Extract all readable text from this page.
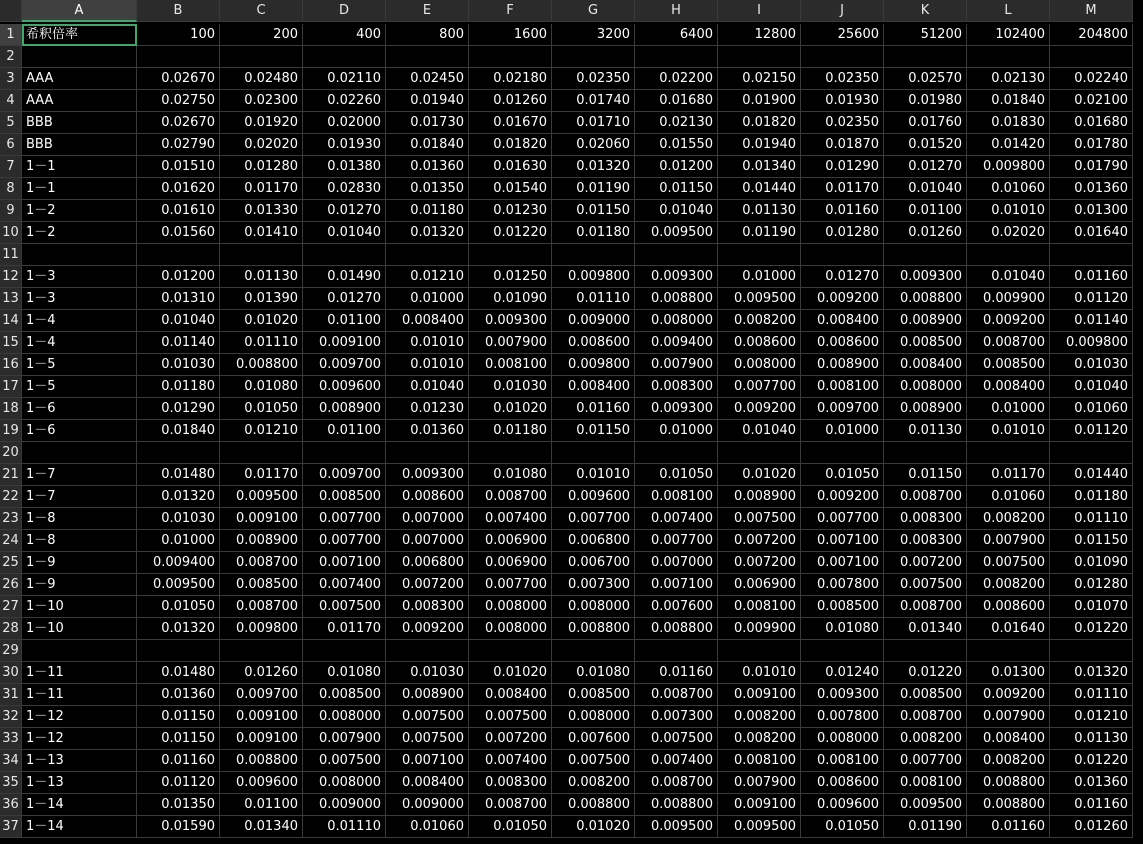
A	B	C	D	E	F	G	H	I	J	K	L	M
1 希釈倍率	100	200	400	800	1600	3200	6400	12800	25600	51200	102400	204800
2
3 AAA	0.02670	0.02480	0.02110	0.02450	0.02180	0.02350	0.02200	0.02150	0.02350	0.02570	0.02130	0.02240
4 AAA	0.02750	0.02300	0.02260	0.01940	0.01260	0.01740	0.01680	0.01900	0.01930	0.01980	0.01840	0.02100
5 BBB	0.02670	0.01920	0.02000	0.01730	0.01670	0.01710	0.02130	0.01820	0.02350	0.01760	0.01830	0.01680
6 BBB	0.02790	0.02020	0.01930	0.01840	0.01820	0.02060	0.01550	0.01940	0.01870	0.01520	0.01420	0.01780
7 1－1	0.01510	0.01280	0.01380	0.01360	0.01630	0.01320	0.01200	0.01340	0.01290	0.01270	0.009800	0.01790
8 1－1	0.01620	0.01170	0.02830	0.01350	0.01540	0.01190	0.01150	0.01440	0.01170	0.01040	0.01060	0.01360
9 1－2	0.01610	0.01330	0.01270	0.01180	0.01230	0.01150	0.01040	0.01130	0.01160	0.01100	0.01010	0.01300
10 1－2	0.01560	0.01410	0.01040	0.01320	0.01220	0.01180	0.009500	0.01190	0.01280	0.01260	0.02020	0.01640
11
12 1－3	0.01200	0.01130	0.01490	0.01210	0.01250	0.009800	0.009300	0.01000	0.01270	0.009300	0.01040	0.01160
13 1－3	0.01310	0.01390	0.01270	0.01000	0.01090	0.01110	0.008800	0.009500	0.009200	0.008800	0.009900	0.01120
14 1－4	0.01040	0.01020	0.01100	0.008400	0.009300	0.009000	0.008000	0.008200	0.008400	0.008900	0.009200	0.01140
15 1－4	0.01140	0.01110	0.009100	0.01010	0.007900	0.008600	0.009400	0.008600	0.008600	0.008500	0.008700	0.009800
16 1－5	0.01030	0.008800	0.009700	0.01010	0.008100	0.009800	0.007900	0.008000	0.008900	0.008400	0.008500	0.01030
17 1－5	0.01180	0.01080	0.009600	0.01040	0.01030	0.008400	0.008300	0.007700	0.008100	0.008000	0.008400	0.01040
18 1－6	0.01290	0.01050	0.008900	0.01230	0.01020	0.01160	0.009300	0.009200	0.009700	0.008900	0.01000	0.01060
19 1－6	0.01840	0.01210	0.01100	0.01360	0.01180	0.01150	0.01000	0.01040	0.01000	0.01130	0.01010	0.01120
20
21 1－7	0.01480	0.01170	0.009700	0.009300	0.01080	0.01010	0.01050	0.01020	0.01050	0.01150	0.01170	0.01440
22 1－7	0.01320	0.009500	0.008500	0.008600	0.008700	0.009600	0.008100	0.008900	0.009200	0.008700	0.01060	0.01180
23 1－8	0.01030	0.009100	0.007700	0.007000	0.007400	0.007700	0.007400	0.007500	0.007700	0.008300	0.008200	0.01110
24 1－8	0.01000	0.008900	0.007700	0.007000	0.006900	0.006800	0.007700	0.007200	0.007100	0.008300	0.007900	0.01150
25 1－9	0.009400	0.008700	0.007100	0.006800	0.006900	0.006700	0.007000	0.007200	0.007100	0.007200	0.007500	0.01090
26 1－9	0.009500	0.008500	0.007400	0.007200	0.007700	0.007300	0.007100	0.006900	0.007800	0.007500	0.008200	0.01280
27 1－10	0.01050	0.008700	0.007500	0.008300	0.008000	0.008000	0.007600	0.008100	0.008500	0.008700	0.008600	0.01070
28 1－10	0.01320	0.009800	0.01170	0.009200	0.008000	0.008800	0.008800	0.009900	0.01080	0.01340	0.01640	0.01220
29
30 1－11	0.01480	0.01260	0.01080	0.01030	0.01020	0.01080	0.01160	0.01010	0.01240	0.01220	0.01300	0.01320
31 1－11	0.01360	0.009700	0.008500	0.008900	0.008400	0.008500	0.008700	0.009100	0.009300	0.008500	0.009200	0.01110
32 1－12	0.01150	0.009100	0.008000	0.007500	0.007500	0.008000	0.007300	0.008200	0.007800	0.008700	0.007900	0.01210
33 1－12	0.01150	0.009100	0.007900	0.007500	0.007200	0.007600	0.007500	0.008200	0.008000	0.008200	0.008400	0.01130
34 1－13	0.01160	0.008800	0.007500	0.007100	0.007400	0.007500	0.007400	0.008100	0.008100	0.007700	0.008200	0.01220
35 1－13	0.01120	0.009600	0.008000	0.008400	0.008300	0.008200	0.008700	0.007900	0.008600	0.008100	0.008800	0.01360
36 1－14	0.01350	0.01100	0.009000	0.009000	0.008700	0.008800	0.008800	0.009100	0.009600	0.009500	0.008800	0.01160
37 1－14	0.01590	0.01340	0.01110	0.01060	0.01050	0.01020	0.009500	0.009500	0.01050	0.01190	0.01160	0.01260
